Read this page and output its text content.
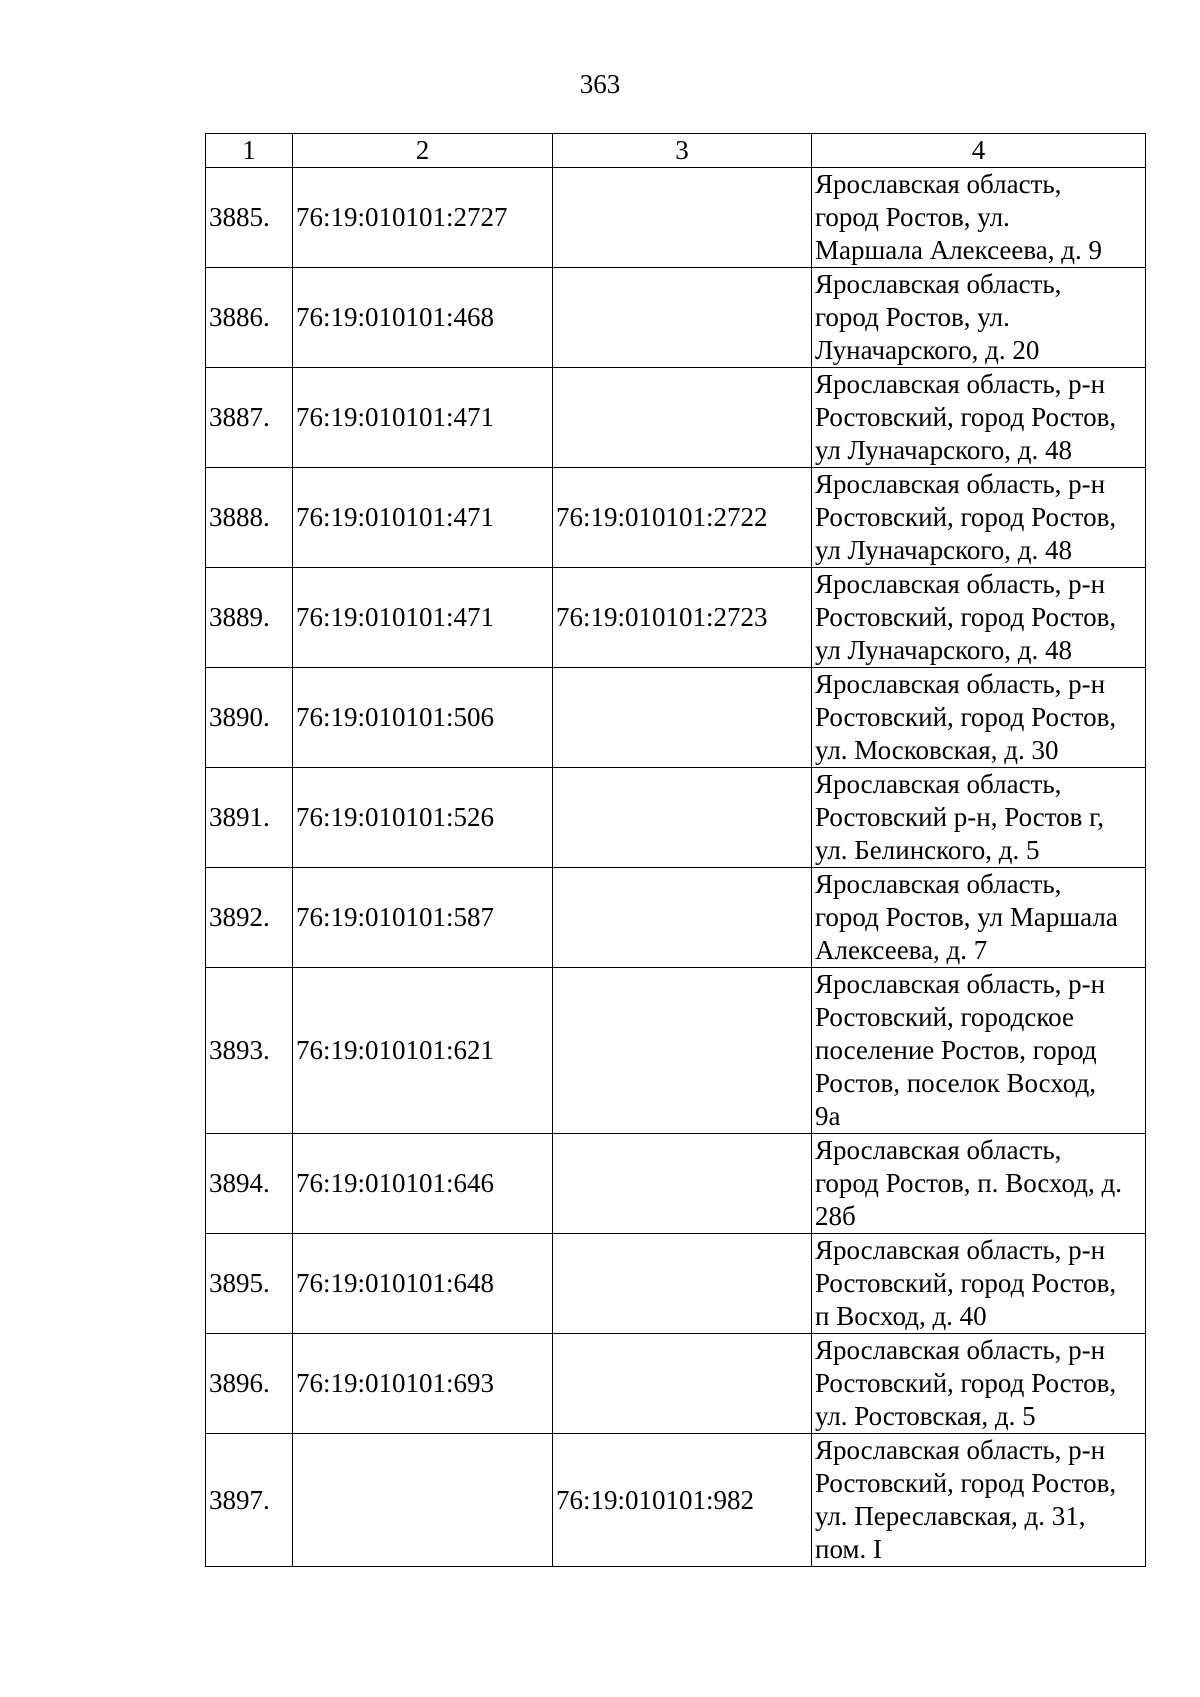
363
1	2	3	4
3885.	76:19:010101:2727		Ярославская область,
город Ростов, ул.
Маршала Алексеева, д. 9

3886.	76:19:010101:468		Ярославская область,
город Ростов, ул.
Луначарского, д. 20

3887.	76:19:010101:471		Ярославская область, р-н
Ростовский, город Ростов,
ул Луначарского, д. 48

3888.	76:19:010101:471	76:19:010101:2722	Ярославская область, р-н
Ростовский, город Ростов,
ул Луначарского, д. 48

3889.	76:19:010101:471	76:19:010101:2723	Ярославская область, р-н
Ростовский, город Ростов,
ул Луначарского, д. 48

3890.	76:19:010101:506		Ярославская область, р-н
Ростовский, город Ростов,
ул. Московская, д. 30

3891.	76:19:010101:526		Ярославская область,
Ростовский р-н, Ростов г,
ул. Белинского, д. 5

3892.	76:19:010101:587		Ярославская область,
город Ростов, ул Маршала
Алексеева, д. 7

3893.	76:19:010101:621		Ярославская область, р-н
Ростовский, городское
поселение Ростов, город
Ростов, поселок Восход,
9а

3894.	76:19:010101:646		Ярославская область,
город Ростов, п. Восход, д.
28б

3895.	76:19:010101:648		Ярославская область, р-н
Ростовский, город Ростов,
п Восход, д. 40

3896.	76:19:010101:693		Ярославская область, р-н
Ростовский, город Ростов,
ул. Ростовская, д. 5

3897.		76:19:010101:982	Ярославская область, р-н
Ростовский, город Ростов,
ул. Переславская, д. 31,
пом. I
